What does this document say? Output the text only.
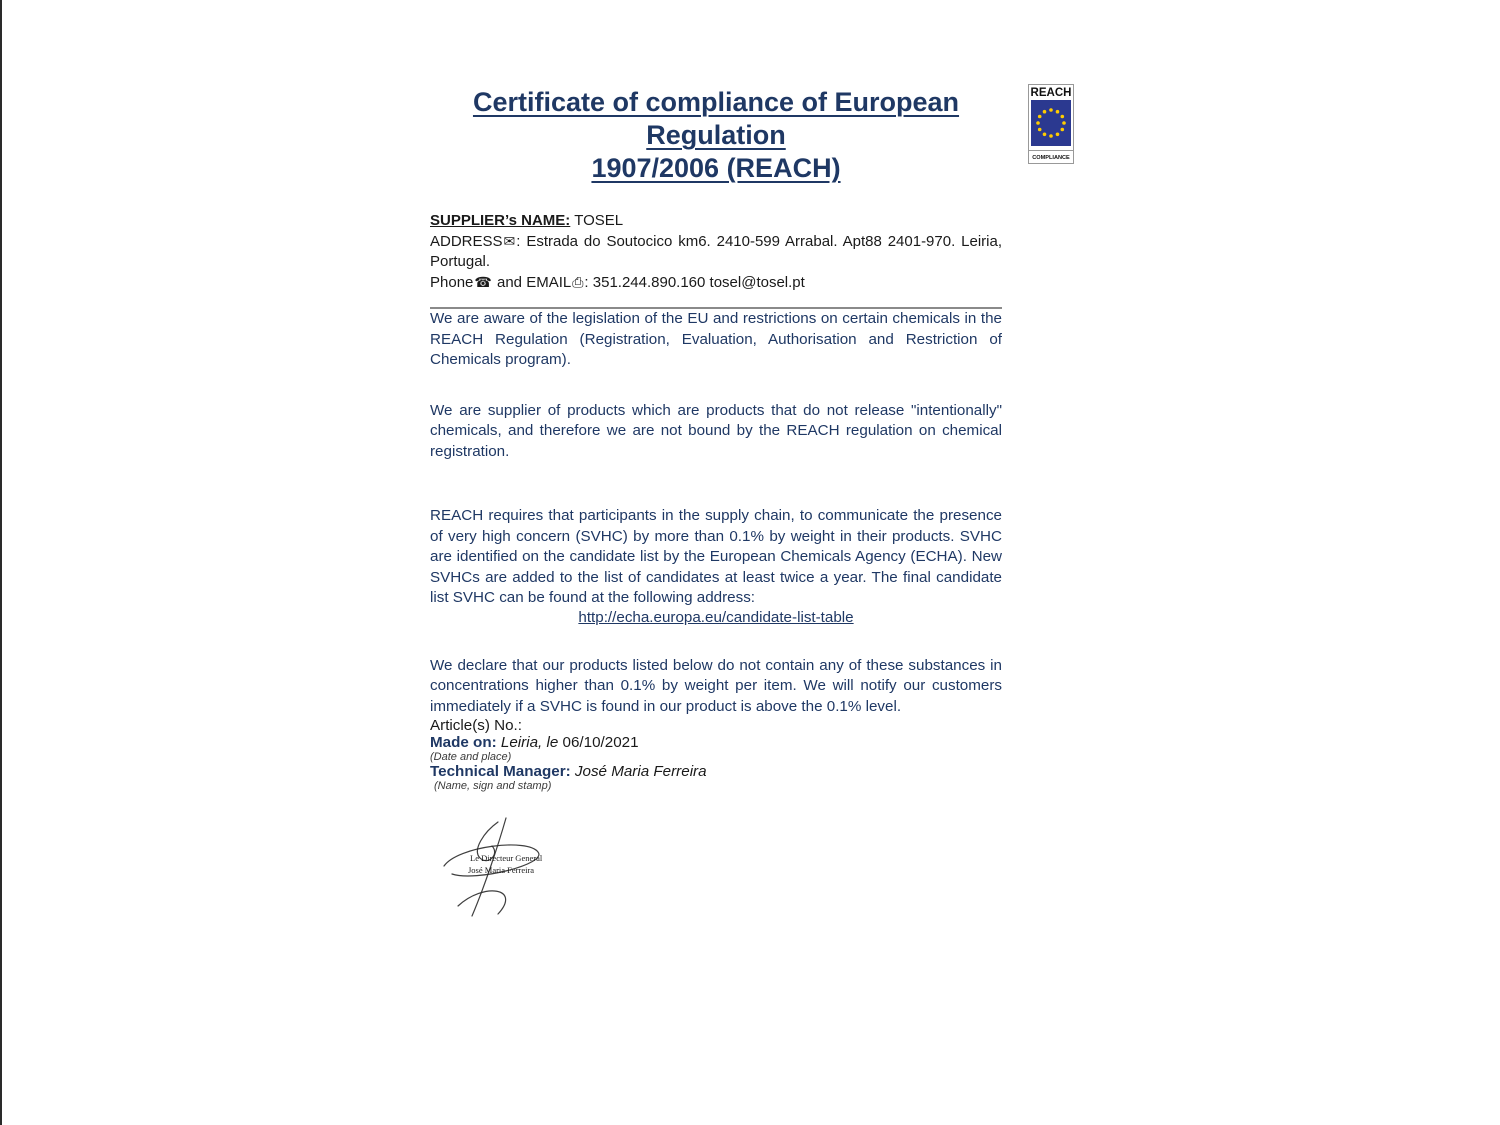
REACH
COMPLIANCE
Certificate of compliance of European Regulation
1907/2006 (REACH)

SUPPLIER’s NAME: TOSEL

ADDRESS✉: Estrada do Soutocico km6. 2410-599 Arrabal. Apt88 2401-970. Leiria, Portugal.

Phone☎ and EMAIL⎙: 351.244.890.160 tosel@tosel.pt

We are aware of the legislation of the EU and restrictions on certain chemicals in the REACH Regulation (Registration, Evaluation, Authorisation and Restriction of Chemicals program).

We are supplier of products which are products that do not release "intentionally" chemicals, and therefore we are not bound by the REACH regulation on chemical registration.

REACH requires that participants in the supply chain, to communicate the presence of very high concern (SVHC) by more than 0.1% by weight in their products. SVHC are identified on the candidate list by the European Chemicals Agency (ECHA). New SVHCs are added to the list of candidates at least twice a year. The final candidate list SVHC can be found at the following address:

http://echa.europa.eu/candidate-list-table

We declare that our products listed below do not contain any of these substances in concentrations higher than 0.1% by weight per item. We will notify our customers immediately if a SVHC is found in our product is above the 0.1% level.

Article(s) No.:

Made on: Leiria, le 06/10/2021

(Date and place)

Technical Manager: José Maria Ferreira

(Name, sign and stamp)

Le Directeur General
José Maria Ferreira
